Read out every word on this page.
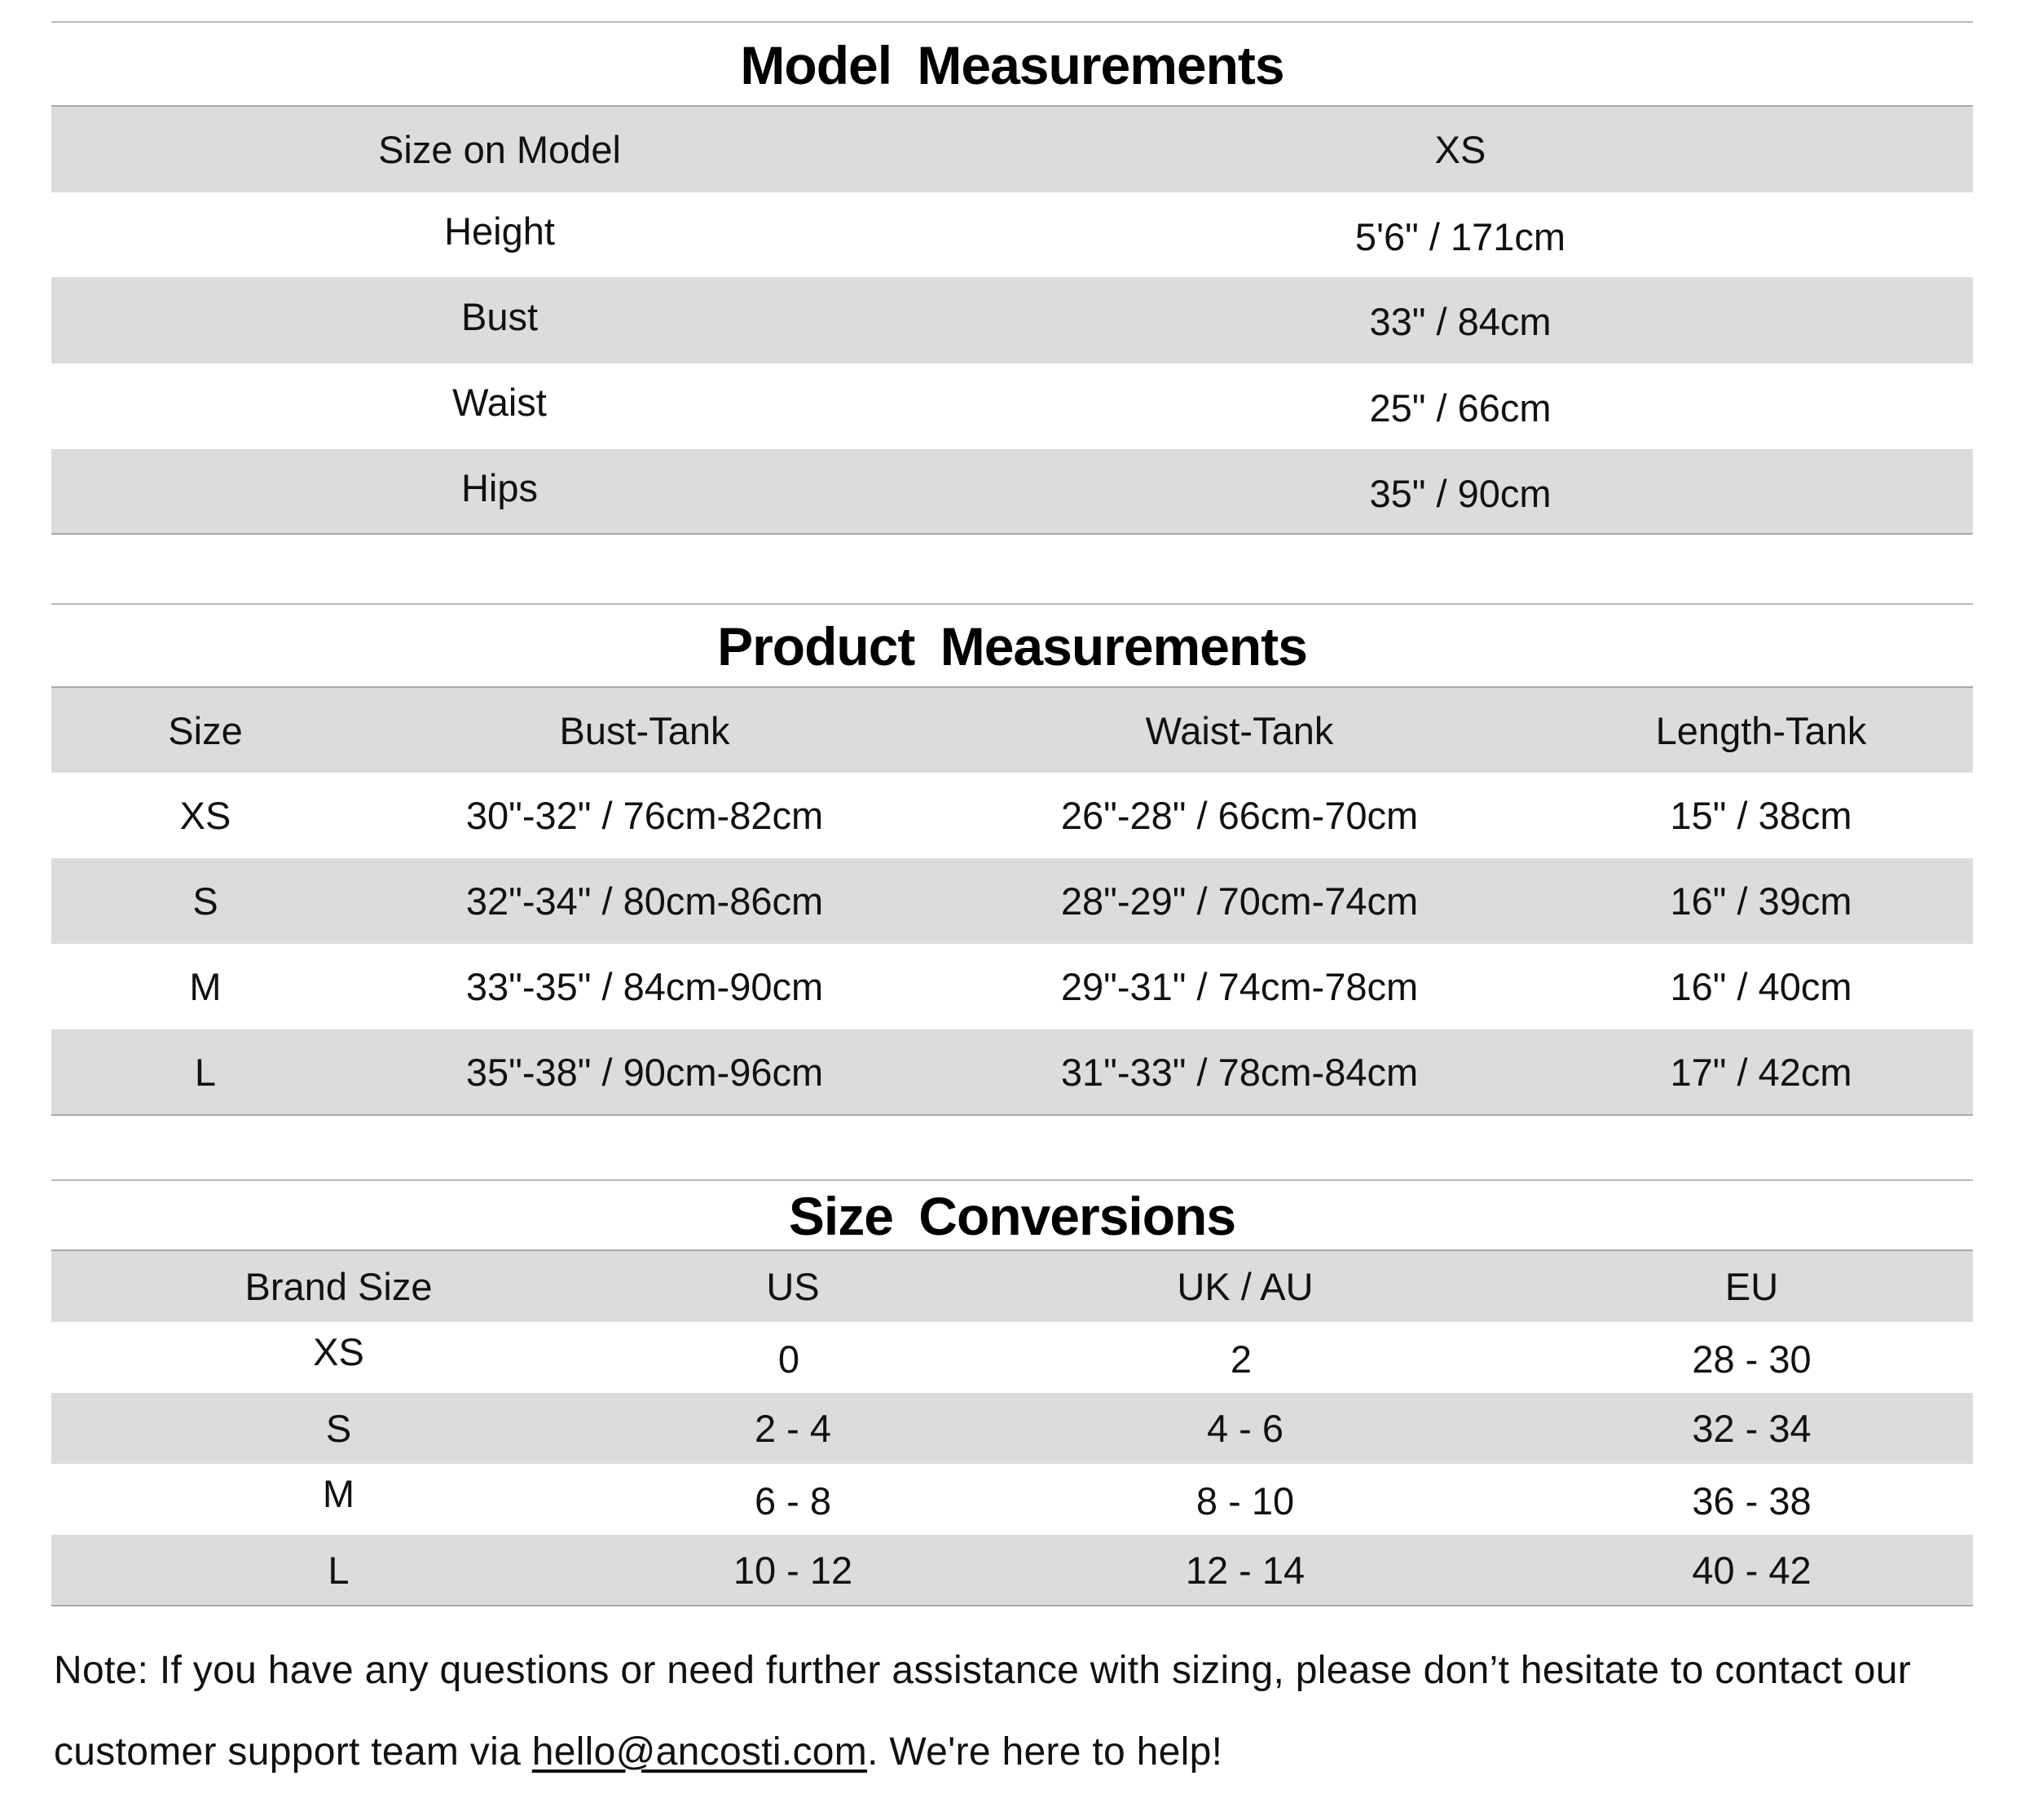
Model Measurements
Size on Model	XS
Height	5'6" / 171cm
Bust	33" / 84cm
Waist	25" / 66cm
Hips	35" / 90cm
Product Measurements
Size	Bust-Tank	Waist-Tank	Length-Tank
XS	30"-32" / 76cm-82cm	26"-28" / 66cm-70cm	15" / 38cm
S	32"-34" / 80cm-86cm	28"-29" / 70cm-74cm	16" / 39cm
M	33"-35" / 84cm-90cm	29"-31" / 74cm-78cm	16" / 40cm
L	35"-38" / 90cm-96cm	31"-33" / 78cm-84cm	17" / 42cm
Size Conversions
Brand Size	US	UK / AU	EU
XS	0	2	28 - 30
S	2 - 4	4 - 6	32 - 34
M	6 - 8	8 - 10	36 - 38
L	10 - 12	12 - 14	40 - 42
Note: If you have any questions or need further assistance with sizing, please don’t hesitate to contact our customer support team via hello@ancosti.com. We're here to help!
